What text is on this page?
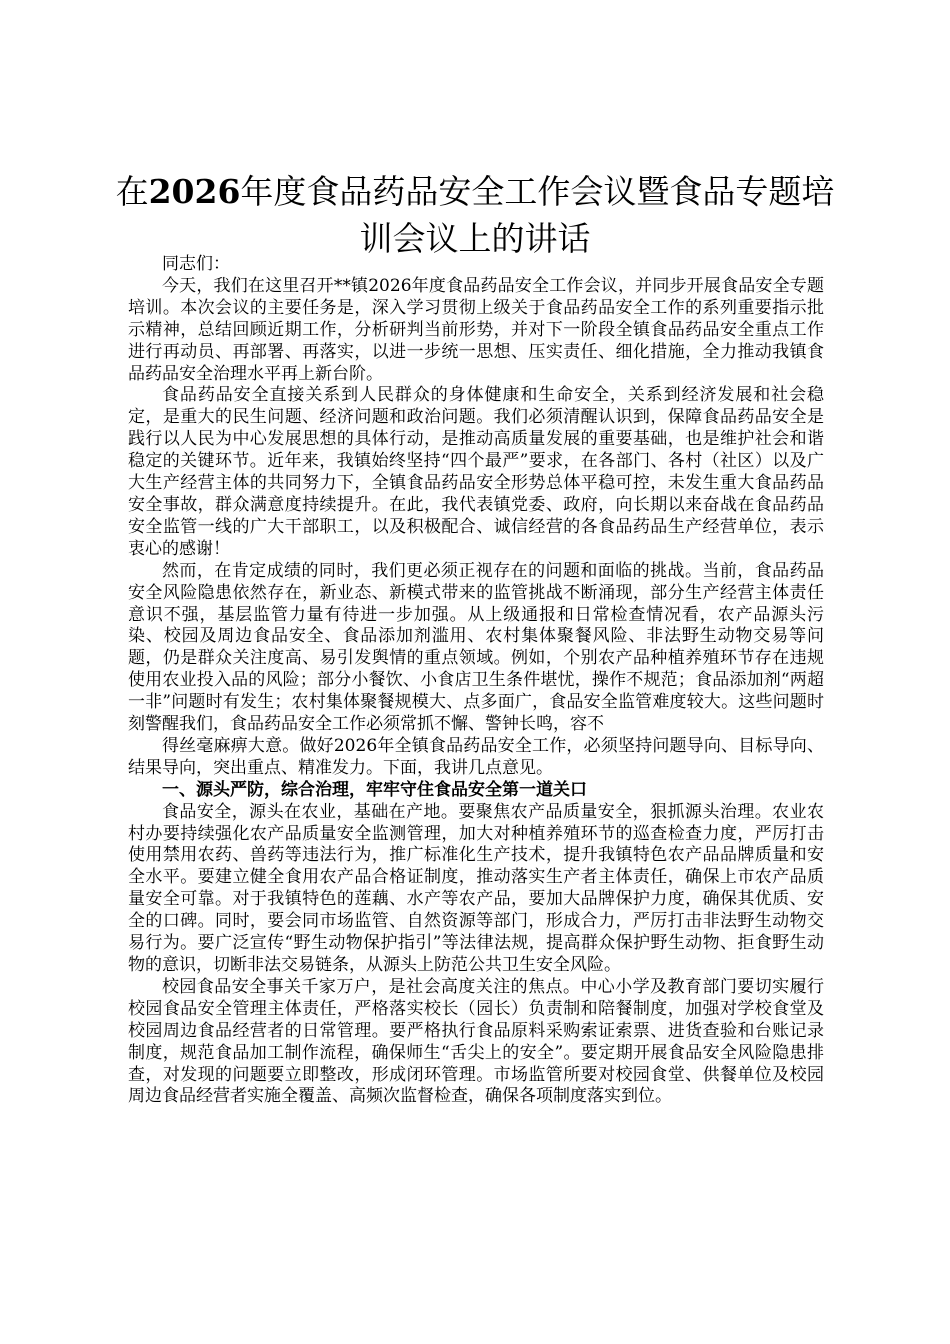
在2026年度食品药品安全工作会议暨食品专题培训会议上的讲话

同志们：

今天，我们在这里召开**镇2026年度食品药品安全工作会议，并同步开展食品安全专题培训。本次会议的主要任务是，深入学习贯彻上级关于食品药品安全工作的系列重要指示批示精神，总结回顾近期工作，分析研判当前形势，并对下一阶段全镇食品药品安全重点工作进行再动员、再部署、再落实，以进一步统一思想、压实责任、细化措施，全力推动我镇食品药品安全治理水平再上新台阶。

食品药品安全直接关系到人民群众的身体健康和生命安全，关系到经济发展和社会稳定，是重大的民生问题、经济问题和政治问题。我们必须清醒认识到，保障食品药品安全是践行以人民为中心发展思想的具体行动，是推动高质量发展的重要基础，也是维护社会和谐稳定的关键环节。近年来，我镇始终坚持“四个最严”要求，在各部门、各村（社区）以及广大生产经营主体的共同努力下，全镇食品药品安全形势总体平稳可控，未发生重大食品药品安全事故，群众满意度持续提升。在此，我代表镇党委、政府，向长期以来奋战在食品药品安全监管一线的广大干部职工，以及积极配合、诚信经营的各食品药品生产经营单位，表示衷心的感谢！

然而，在肯定成绩的同时，我们更必须正视存在的问题和面临的挑战。当前，食品药品安全风险隐患依然存在，新业态、新模式带来的监管挑战不断涌现，部分生产经营主体责任意识不强，基层监管力量有待进一步加强。从上级通报和日常检查情况看，农产品源头污染、校园及周边食品安全、食品添加剂滥用、农村集体聚餐风险、非法野生动物交易等问题，仍是群众关注度高、易引发舆情的重点领域。例如，个别农产品种植养殖环节存在违规使用农业投入品的风险；部分小餐饮、小食店卫生条件堪忧，操作不规范；食品添加剂“两超一非”问题时有发生；农村集体聚餐规模大、点多面广，食品安全监管难度较大。这些问题时刻警醒我们，食品药品安全工作必须常抓不懈、警钟长鸣，容不

得丝毫麻痹大意。做好2026年全镇食品药品安全工作，必须坚持问题导向、目标导向、结果导向，突出重点、精准发力。下面，我讲几点意见。

一、源头严防，综合治理，牢牢守住食品安全第一道关口

食品安全，源头在农业，基础在产地。要聚焦农产品质量安全，狠抓源头治理。农业农村办要持续强化农产品质量安全监测管理，加大对种植养殖环节的巡查检查力度，严厉打击使用禁用农药、兽药等违法行为，推广标准化生产技术，提升我镇特色农产品品牌质量和安全水平。要建立健全食用农产品合格证制度，推动落实生产者主体责任，确保上市农产品质量安全可靠。对于我镇特色的莲藕、水产等农产品，要加大品牌保护力度，确保其优质、安全的口碑。同时，要会同市场监管、自然资源等部门，形成合力，严厉打击非法野生动物交易行为。要广泛宣传“野生动物保护指引”等法律法规，提高群众保护野生动物、拒食野生动物的意识，切断非法交易链条，从源头上防范公共卫生安全风险。

校园食品安全事关千家万户，是社会高度关注的焦点。中心小学及教育部门要切实履行校园食品安全管理主体责任，严格落实校长（园长）负责制和陪餐制度，加强对学校食堂及校园周边食品经营者的日常管理。要严格执行食品原料采购索证索票、进货查验和台账记录制度，规范食品加工制作流程，确保师生“舌尖上的安全”。要定期开展食品安全风险隐患排查，对发现的问题要立即整改，形成闭环管理。市场监管所要对校园食堂、供餐单位及校园周边食品经营者实施全覆盖、高频次监督检查，确保各项制度落实到位。
